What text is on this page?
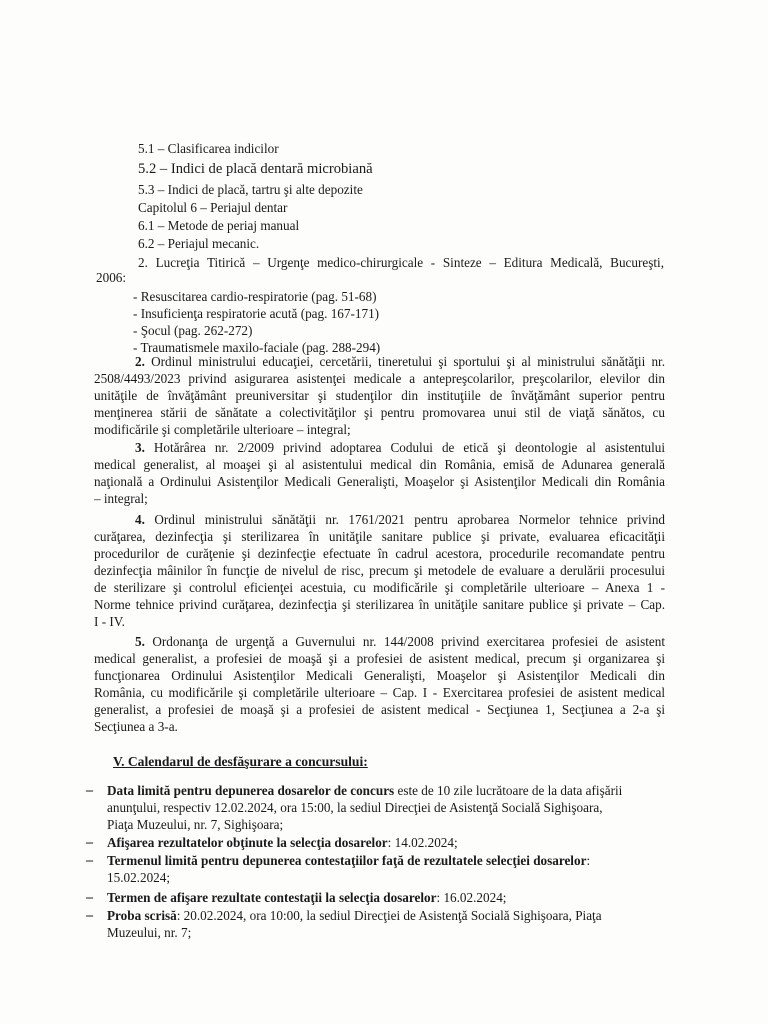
5.1 – Clasificarea indicilor
5.2 – Indici de placă dentară microbiană
5.3 – Indici de placă, tartru şi alte depozite
Capitolul 6 – Periajul dentar
6.1 – Metode de periaj manual
6.2 – Periajul mecanic.
2. Lucreţia Titirică – Urgenţe medico-chirurgicale - Sinteze – Editura Medicală, Bucureşti,
2006:
- Resuscitarea cardio-respiratorie (pag. 51-68)
- Insuficienţa respiratorie acută (pag. 167-171)
- Şocul (pag. 262-272)
- Traumatismele maxilo-faciale (pag. 288-294)
2. Ordinul ministrului educaţiei, cercetării, tineretului şi sportului şi al ministrului sănătăţii nr.
2508/4493/2023 privind asigurarea asistenţei medicale a antepreşcolarilor, preşcolarilor, elevilor din
unităţile de învăţământ preuniversitar şi studenţilor din instituţiile de învăţământ superior pentru
menţinerea stării de sănătate a colectivităţilor şi pentru promovarea unui stil de viaţă sănătos, cu
modificările şi completările ulterioare – integral;
3. Hotărârea nr. 2/2009 privind adoptarea Codului de etică şi deontologie al asistentului
medical generalist, al moaşei şi al asistentului medical din România, emisă de Adunarea generală
naţională a Ordinului Asistenţilor Medicali Generalişti, Moaşelor şi Asistenţilor Medicali din România
– integral;
4. Ordinul ministrului sănătăţii nr. 1761/2021 pentru aprobarea Normelor tehnice privind
curăţarea, dezinfecţia şi sterilizarea în unităţile sanitare publice şi private, evaluarea eficacităţii
procedurilor de curăţenie şi dezinfecţie efectuate în cadrul acestora, procedurile recomandate pentru
dezinfecţia mâinilor în funcţie de nivelul de risc, precum şi metodele de evaluare a derulării procesului
de sterilizare şi controlul eficienţei acestuia, cu modificările şi completările ulterioare – Anexa 1 -
Norme tehnice privind curăţarea, dezinfecţia şi sterilizarea în unităţile sanitare publice şi private – Cap.
I - IV.
5. Ordonanţa de urgenţă a Guvernului nr. 144/2008 privind exercitarea profesiei de asistent
medical generalist, a profesiei de moaşă şi a profesiei de asistent medical, precum şi organizarea şi
funcţionarea Ordinului Asistenţilor Medicali Generalişti, Moaşelor şi Asistenţilor Medicali din
România, cu modificările şi completările ulterioare – Cap. I - Exercitarea profesiei de asistent medical
generalist, a profesiei de moaşă şi a profesiei de asistent medical - Secţiunea 1, Secţiunea a 2-a şi
Secţiunea a 3-a.
V. Calendarul de desfăşurare a concursului:
– Data limită pentru depunerea dosarelor de concurs este de 10 zile lucrătoare de la data afişării
anunţului, respectiv 12.02.2024, ora 15:00, la sediul Direcţiei de Asistenţă Socială Sighişoara,
Piaţa Muzeului, nr. 7, Sighişoara;
– Afişarea rezultatelor obţinute la selecţia dosarelor: 14.02.2024;
– Termenul limită pentru depunerea contestaţiilor faţă de rezultatele selecţiei dosarelor:
15.02.2024;
– Termen de afişare rezultate contestaţii la selecţia dosarelor: 16.02.2024;
– Proba scrisă: 20.02.2024, ora 10:00, la sediul Direcţiei de Asistenţă Socială Sighişoara, Piaţa
Muzeului, nr. 7;
